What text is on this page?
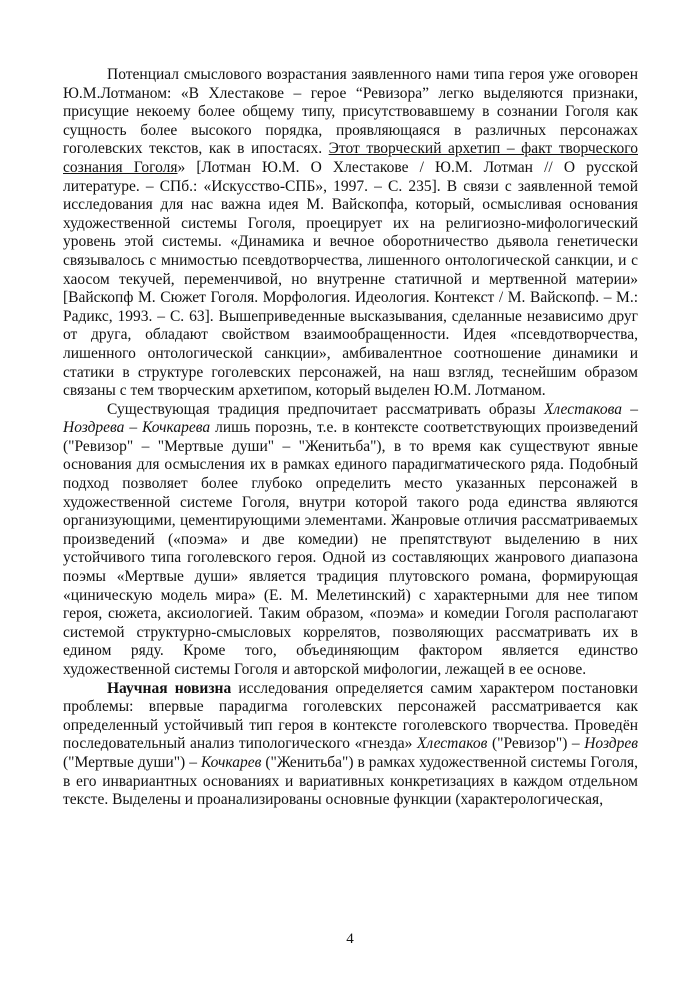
Потенциал смыслового возрастания заявленного нами типа героя уже оговорен Ю.М.Лотманом: «В Хлестакове – герое “Ревизора” легко выделяются признаки, присущие некоему более общему типу, присутствовавшему в сознании Гоголя как сущность более высокого порядка, проявляющаяся в различных персонажах гоголевских текстов, как в ипостасях. Этот творческий архетип – факт творческого сознания Гоголя» [Лотман Ю.М. О Хлестакове / Ю.М. Лотман // О русской литературе. – СПб.: «Искусство-СПБ», 1997. – С. 235]. В связи с заявленной темой исследования для нас важна идея М. Вайскопфа, который, осмысливая основания художественной системы Гоголя, проецирует их на религиозно-мифологический уровень этой системы. «Динамика и вечное оборотничество дьявола генетически связывалось с мнимостью псевдотворчества, лишенного онтологической санкции, и с хаосом текучей, переменчивой, но внутренне статичной и мертвенной материи» [Вайскопф М. Сюжет Гоголя. Морфология. Идеология. Контекст / М. Вайскопф. – М.: Радикс, 1993. – С. 63]. Вышеприведенные высказывания, сделанные независимо друг от друга, обладают свойством взаимообращенности. Идея «псевдотворчества, лишенного онтологической санкции», амбивалентное соотношение динамики и статики в структуре гоголевских персонажей, на наш взгляд, теснейшим образом связаны с тем творческим архетипом, который выделен Ю.М. Лотманом.

Существующая традиция предпочитает рассматривать образы Хлестакова – Ноздрева – Кочкарева лишь порознь, т.е. в контексте соответствующих произведений ("Ревизор" – "Мертвые души" – "Женитьба"), в то время как существуют явные основания для осмысления их в рамках единого парадигматического ряда. Подобный подход позволяет более глубоко определить место указанных персонажей в художественной системе Гоголя, внутри которой такого рода единства являются организующими, цементирующими элементами. Жанровые отличия рассматриваемых произведений («поэма» и две комедии) не препятствуют выделению в них устойчивого типа гоголевского героя. Одной из составляющих жанрового диапазона поэмы «Мертвые души» является традиция плутовского романа, формирующая «циническую модель мира» (Е. М. Мелетинский) с характерными для нее типом героя, сюжета, аксиологией. Таким образом, «поэма» и комедии Гоголя располагают системой структурно-смысловых коррелятов, позволяющих рассматривать их в едином ряду. Кроме того, объединяющим фактором является единство художественной системы Гоголя и авторской мифологии, лежащей в ее основе.

Научная новизна исследования определяется самим характером постановки проблемы: впервые парадигма гоголевских персонажей рассматривается как определенный устойчивый тип героя в контексте гоголевского творчества. Проведён последовательный анализ типологического «гнезда» Хлестаков ("Ревизор") – Ноздрев ("Мертвые души") – Кочкарев ("Женитьба") в рамках художественной системы Гоголя, в его инвариантных основаниях и вариативных конкретизациях в каждом отдельном тексте. Выделены и проанализированы основные функции (характерологическая,

4
